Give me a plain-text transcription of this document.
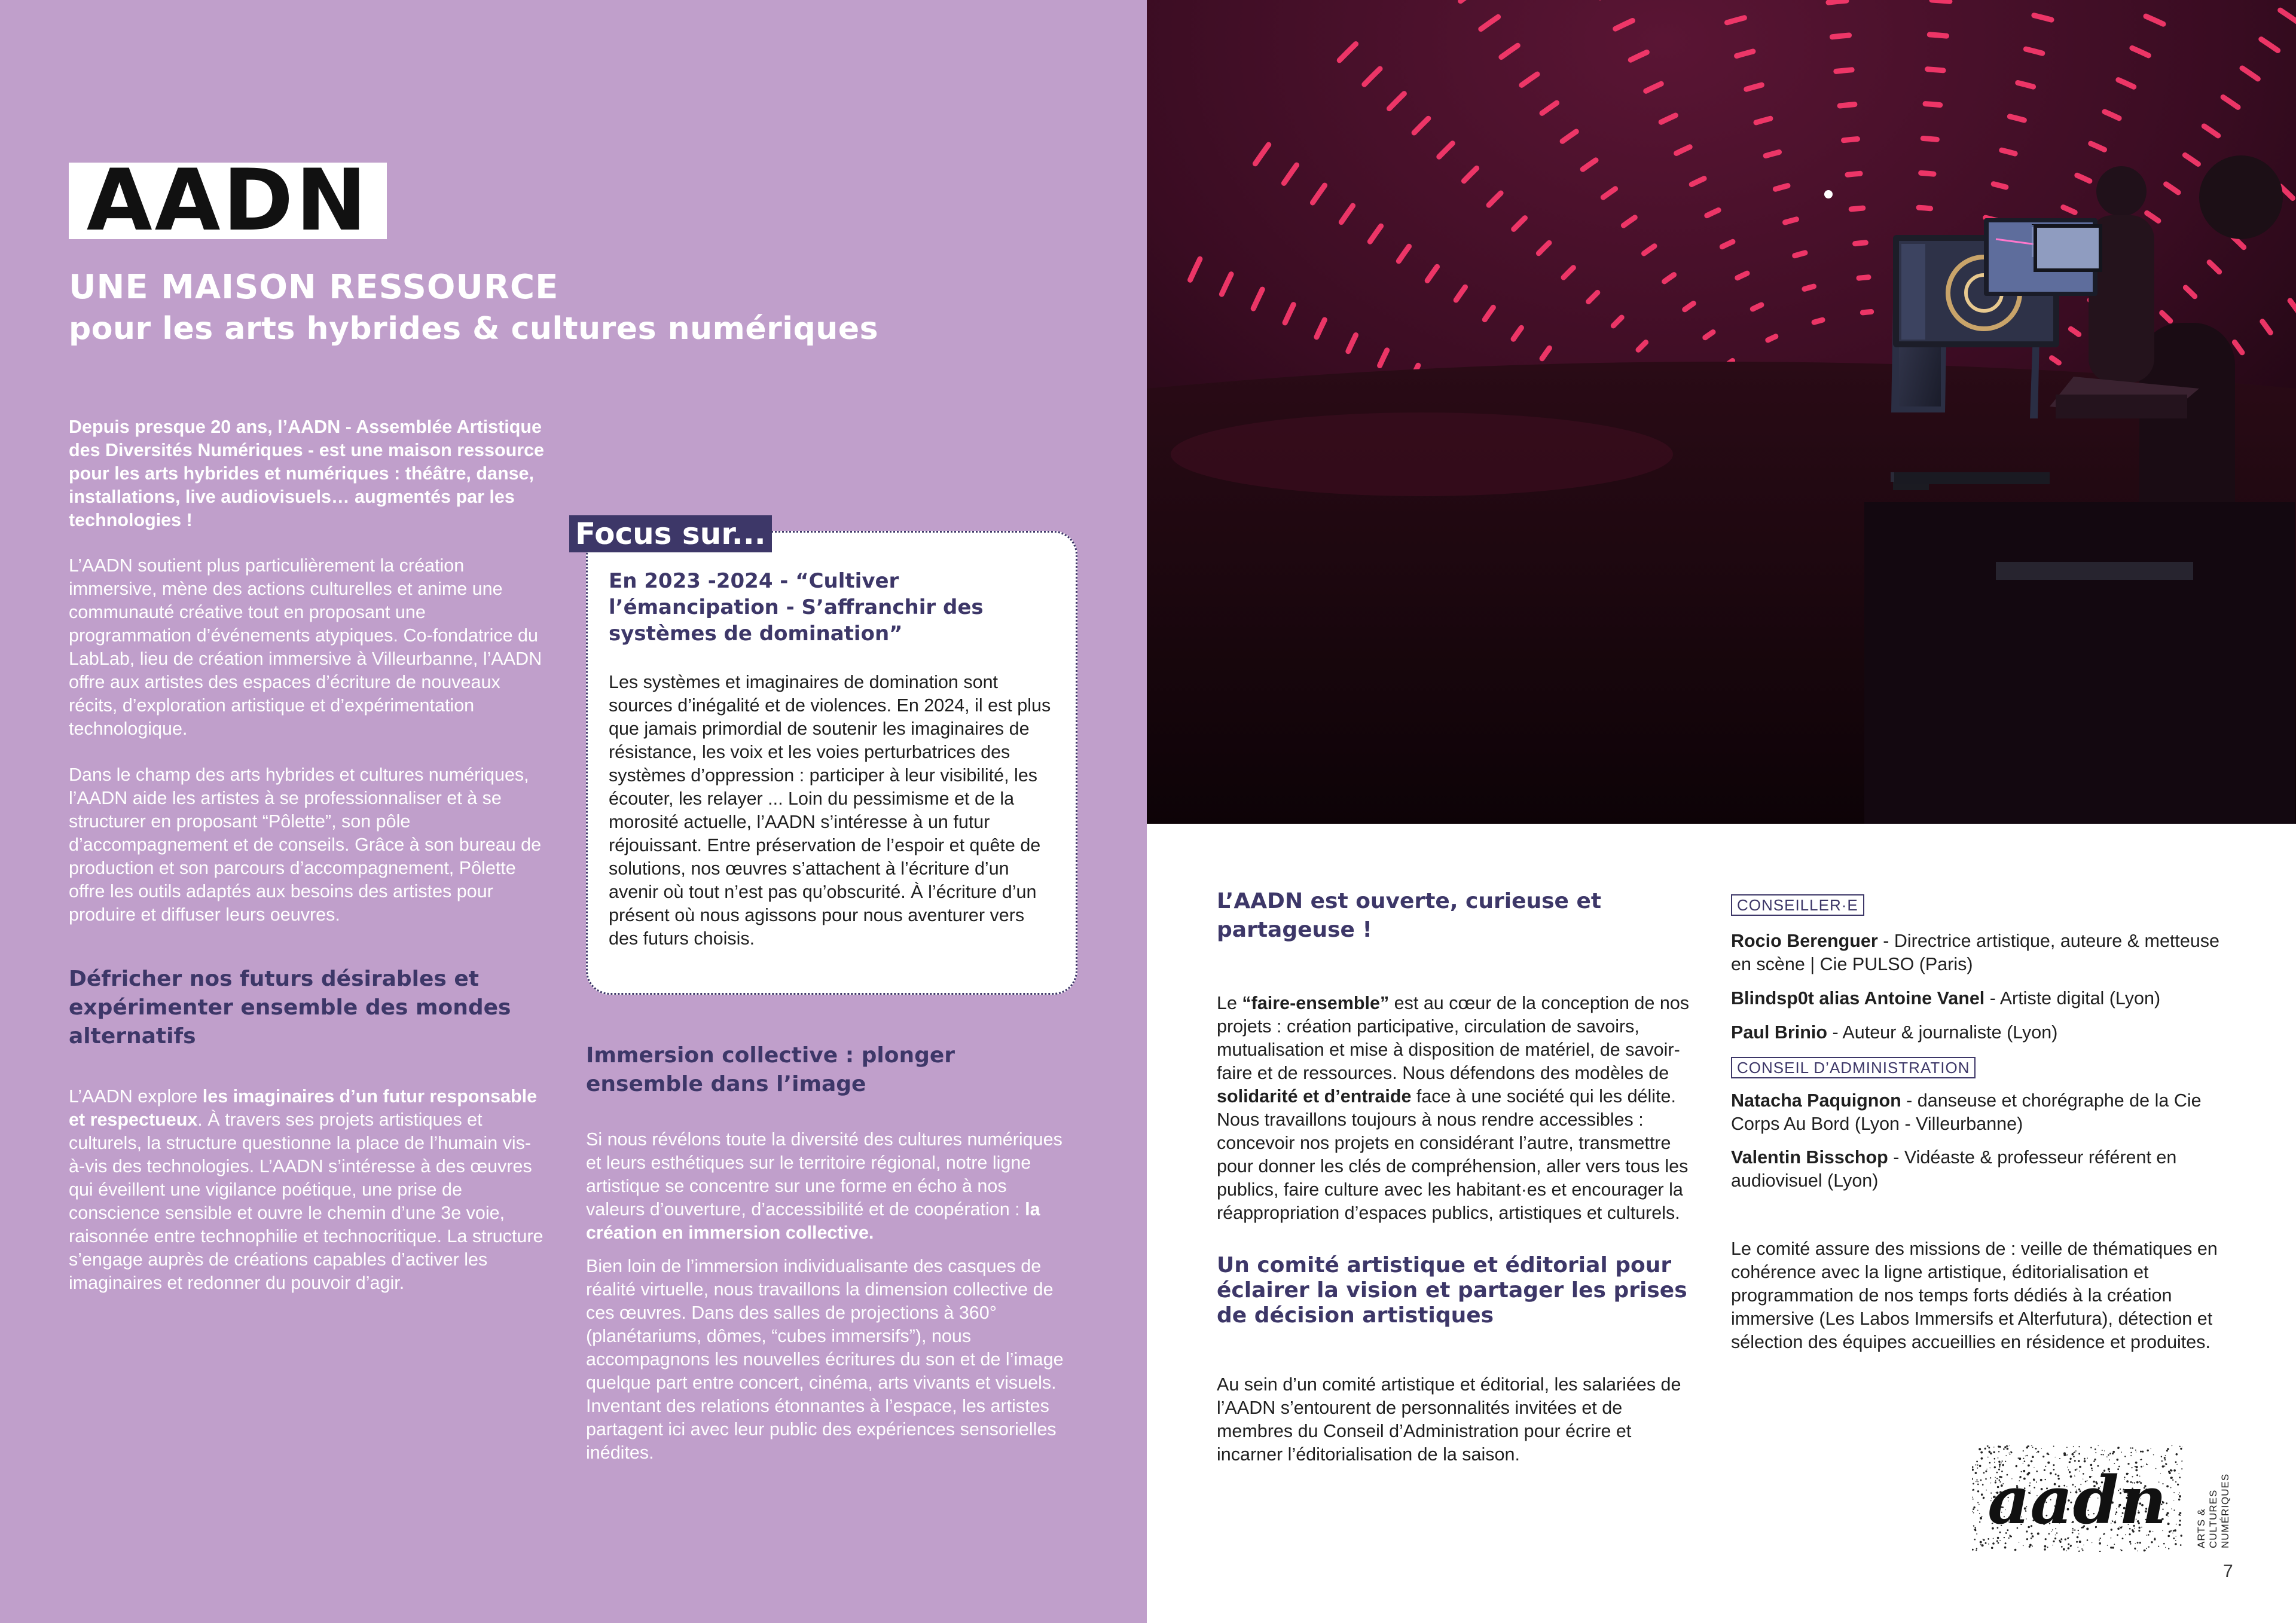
AADN
UNE MAISON RESSOURCE
pour les arts hybrides & cultures numériques

Depuis presque 20 ans, l’AADN - Assemblée Artistique des Diversités Numériques - est une maison ressource pour les arts hybrides et numériques : théâtre, danse, installations, live audiovisuels… augmentés par les technologies !

L’AADN soutient plus particulièrement la création immersive, mène des actions culturelles et anime une communauté créative tout en proposant une programmation d’événements atypiques. Co-fondatrice du LabLab, lieu de création immersive à Villeurbanne, l’AADN offre aux artistes des espaces d’écriture de nouveaux récits, d’exploration artistique et d’expérimentation technologique.

Dans le champ des arts hybrides et cultures numériques, l’AADN aide les artistes à se professionnaliser et à se structurer en proposant “Pôlette”, son pôle d’accompagnement et de conseils. Grâce à son bureau de production et son parcours d’accompagnement, Pôlette offre les outils adaptés aux besoins des artistes pour produire et diffuser leurs oeuvres.

Défricher nos futurs désirables et expérimenter ensemble des mondes alternatifs

L’AADN explore les imaginaires d’un futur responsable et respectueux. À travers ses projets artistiques et culturels, la structure questionne la place de l’humain vis-à-vis des technologies. L’AADN s’intéresse à des œuvres qui éveillent une vigilance poétique, une prise de conscience sensible et ouvre le chemin d’une 3e voie, raisonnée entre technophilie et technocritique. La structure s’engage auprès de créations capables d’activer les imaginaires et redonner du pouvoir d’agir.

Focus sur...
En 2023 -2024 - “Cultiver l’émancipation - S’affranchir des systèmes de domination”

Les systèmes et imaginaires de domination sont sources d’inégalité et de violences. En 2024, il est plus que jamais primordial de soutenir les imaginaires de résistance, les voix et les voies perturbatrices des systèmes d’oppression : participer à leur visibilité, les écouter, les relayer ... Loin du pessimisme et de la morosité actuelle, l’AADN s’intéresse à un futur réjouissant. Entre préservation de l’espoir et quête de solutions, nos œuvres s’attachent à l’écriture d’un avenir où tout n’est pas qu’obscurité. À l’écriture d’un présent où nous agissons pour nous aventurer vers des futurs choisis.

Immersion collective : plonger ensemble dans l’image

Si nous révélons toute la diversité des cultures numériques et leurs esthétiques sur le territoire régional, notre ligne artistique se concentre sur une forme en écho à nos valeurs d’ouverture, d’accessibilité et de coopération : la création en immersion collective.

Bien loin de l’immersion individualisante des casques de réalité virtuelle, nous travaillons la dimension collective de ces œuvres. Dans des salles de projections à 360° (planétariums, dômes, “cubes immersifs”), nous accompagnons les nouvelles écritures du son et de l’image quelque part entre concert, cinéma, arts vivants et visuels. Inventant des relations étonnantes à l’espace, les artistes partagent ici avec leur public des expériences sensorielles inédites.

L’AADN est ouverte, curieuse et partageuse !

Le “faire-ensemble” est au cœur de la conception de nos projets : création participative, circulation de savoirs, mutualisation et mise à disposition de matériel, de savoir-faire et de ressources. Nous défendons des modèles de solidarité et d’entraide face à une société qui les délite. Nous travaillons toujours à nous rendre accessibles : concevoir nos projets en considérant l’autre, transmettre pour donner les clés de compréhension, aller vers tous les publics, faire culture avec les habitant·es et encourager la réappropriation d’espaces publics, artistiques et culturels.

Un comité artistique et éditorial pour éclairer la vision et partager les prises de décision artistiques

Au sein d’un comité artistique et éditorial, les salariées de l’AADN s’entourent de personnalités invitées et de membres du Conseil d’Administration pour écrire et incarner l’éditorialisation de la saison.

CONSEILLER·E

Rocio Berenguer - Directrice artistique, auteure & metteuse en scène | Cie PULSO (Paris)

Blindsp0t alias Antoine Vanel - Artiste digital (Lyon)

Paul Brinio - Auteur & journaliste (Lyon)

CONSEIL D’ADMINISTRATION

Natacha Paquignon - danseuse et chorégraphe de la Cie Corps Au Bord (Lyon - Villeurbanne)

Valentin Bisschop - Vidéaste & professeur référent en audiovisuel (Lyon)

Le comité assure des missions de : veille de thématiques en cohérence avec la ligne artistique, éditorialisation et programmation de nos temps forts dédiés à la création immersive (Les Labos Immersifs et Alterfutura), détection et sélection des équipes accueillies en résidence et produites.

aadn	ARTS & CULTURES NUMÉRIQUES
7
